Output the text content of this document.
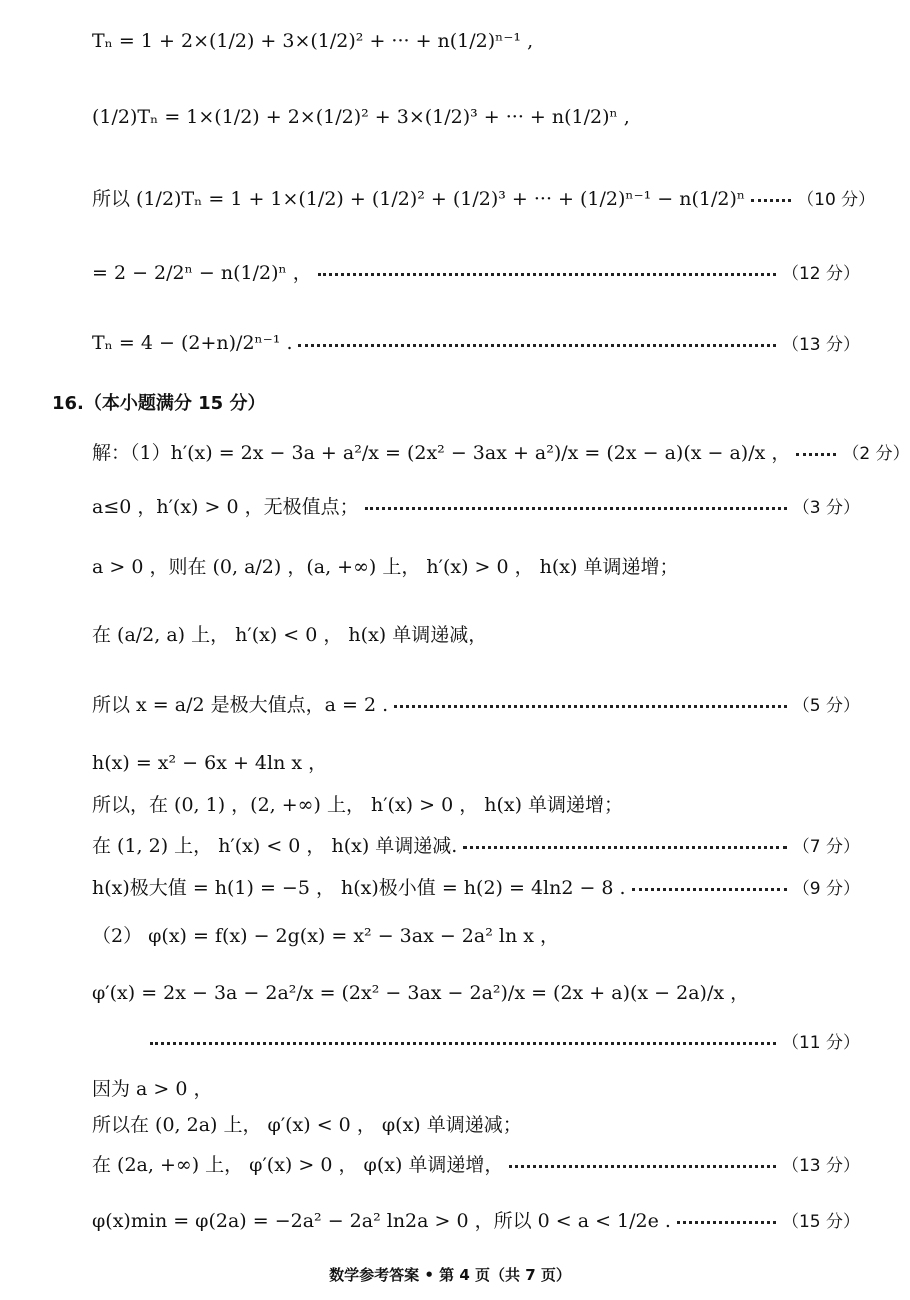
Tₙ = 1 + 2×(1/2) + 3×(1/2)² + ··· + n(1/2)ⁿ⁻¹ ,
(1/2)Tₙ = 1×(1/2) + 2×(1/2)² + 3×(1/2)³ + ··· + n(1/2)ⁿ ,
所以 (1/2)Tₙ = 1 + 1×(1/2) + (1/2)² + (1/2)³ + ··· + (1/2)ⁿ⁻¹ − n(1/2)ⁿ	（10 分）
= 2 − 2/2ⁿ − n(1/2)ⁿ ，	（12 分）
Tₙ = 4 − (2+n)/2ⁿ⁻¹ .	（13 分）
16.（本小题满分 15 分）
解：（1）h′(x) = 2x − 3a + a²/x = (2x² − 3ax + a²)/x = (2x − a)(x − a)/x ，	（2 分）
a≤0 ，h′(x) > 0 ，无极值点；	（3 分）
a > 0 ，则在 (0, a/2) ，(a, +∞) 上， h′(x) > 0 ， h(x) 单调递增；
在 (a/2, a) 上， h′(x) < 0 ， h(x) 单调递减，
所以 x = a/2 是极大值点，a = 2 .	（5 分）
h(x) = x² − 6x + 4ln x ，
所以，在 (0, 1) ，(2, +∞) 上， h′(x) > 0 ， h(x) 单调递增；
在 (1, 2) 上， h′(x) < 0 ， h(x) 单调递减.	（7 分）
h(x)极大值 = h(1) = −5 ， h(x)极小值 = h(2) = 4ln2 − 8 .	（9 分）
（2） φ(x) = f(x) − 2g(x) = x² − 3ax − 2a² ln x ，
φ′(x) = 2x − 3a − 2a²/x = (2x² − 3ax − 2a²)/x = (2x + a)(x − 2a)/x ，
（11 分）
因为 a > 0 ，
所以在 (0, 2a) 上， φ′(x) < 0 ， φ(x) 单调递减；
在 (2a, +∞) 上， φ′(x) > 0 ， φ(x) 单调递增，	（13 分）
φ(x)min = φ(2a) = −2a² − 2a² ln2a > 0 ，所以 0 < a < 1/2e .	（15 分）
数学参考答案 • 第 4 页（共 7 页）
